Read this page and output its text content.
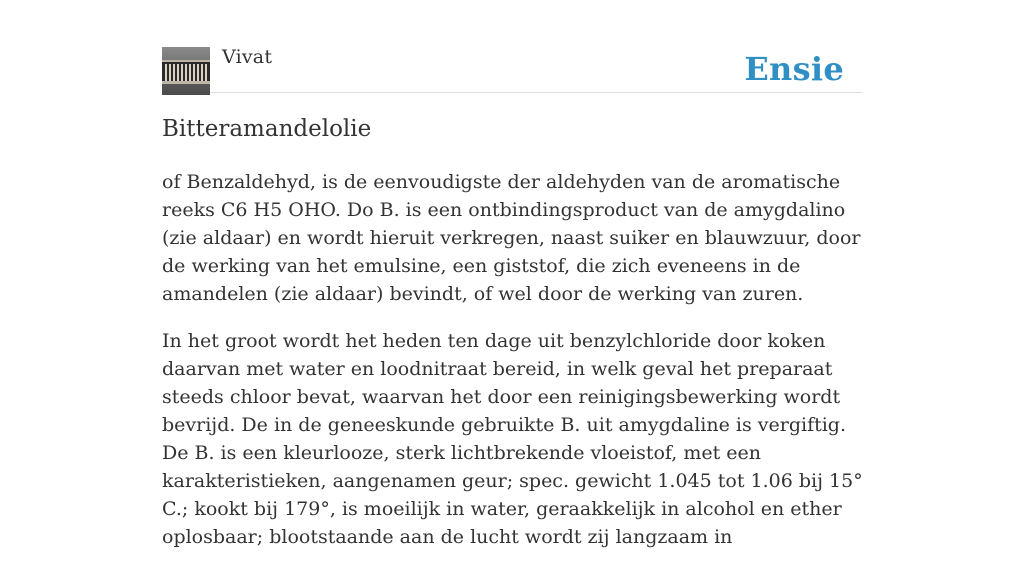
Vivat	Ensie
Bitteramandelolie

of Benzaldehyd, is de eenvoudigste der aldehyden van de aromatische reeks C6 H5 OHO. Do B. is een ontbindingsproduct van de amygdalino (zie aldaar) en wordt hieruit verkregen, naast suiker en blauwzuur, door de werking van het emulsine, een giststof, die zich eveneens in de amandelen (zie aldaar) bevindt, of wel door de werking van zuren.

In het groot wordt het heden ten dage uit benzylchloride door koken daarvan met water en loodnitraat bereid, in welk geval het preparaat steeds chloor bevat, waarvan het door een reinigingsbewerking wordt bevrijd. De in de geneeskunde gebruikte B. uit amygdaline is vergiftig. De B. is een kleurlooze, sterk lichtbrekende vloeistof, met een karakteristieken, aangenamen geur; spec. gewicht 1.045 tot 1.06 bij 15° C.; kookt bij 179°, is moeilijk in water, geraakkelijk in alcohol en ether oplosbaar; blootstaande aan de lucht wordt zij langzaam in
